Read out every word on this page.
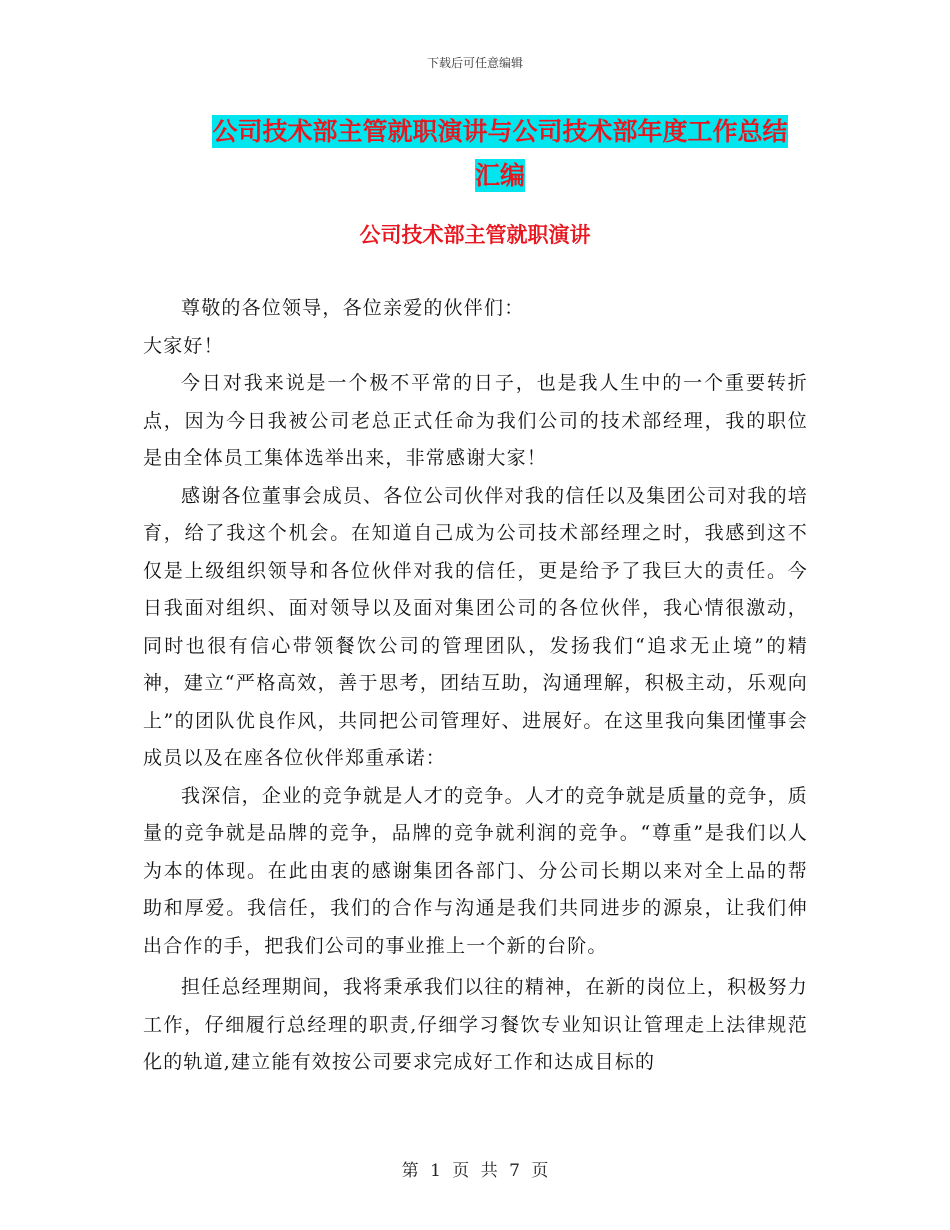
下载后可任意编辑
公司技术部主管就职演讲与公司技术部年度工作总结
汇编
公司技术部主管就职演讲

尊敬的各位领导，各位亲爱的伙伴们：

大家好！

今日对我来说是一个极不平常的日子，也是我人生中的一个重要转折点，因为今日我被公司老总正式任命为我们公司的技术部经理，我的职位是由全体员工集体选举出来，非常感谢大家！

感谢各位董事会成员、各位公司伙伴对我的信任以及集团公司对我的培育，给了我这个机会。在知道自己成为公司技术部经理之时，我感到这不仅是上级组织领导和各位伙伴对我的信任，更是给予了我巨大的责任。今日我面对组织、面对领导以及面对集团公司的各位伙伴，我心情很激动，同时也很有信心带领餐饮公司的管理团队，发扬我们“追求无止境”的精神，建立“严格高效，善于思考，团结互助，沟通理解，积极主动，乐观向上”的团队优良作风，共同把公司管理好、进展好。在这里我向集团懂事会成员以及在座各位伙伴郑重承诺：

我深信，企业的竞争就是人才的竞争。人才的竞争就是质量的竞争，质量的竞争就是品牌的竞争，品牌的竞争就利润的竞争。“尊重”是我们以人为本的体现。在此由衷的感谢集团各部门、分公司长期以来对全上品的帮助和厚爱。我信任，我们的合作与沟通是我们共同进步的源泉，让我们伸出合作的手，把我们公司的事业推上一个新的台阶。

担任总经理期间，我将秉承我们以往的精神，在新的岗位上，积极努力工作，仔细履行总经理的职责,仔细学习餐饮专业知识让管理走上法律规范化的轨道,建立能有效按公司要求完成好工作和达成目标的

第 1 页 共 7 页
